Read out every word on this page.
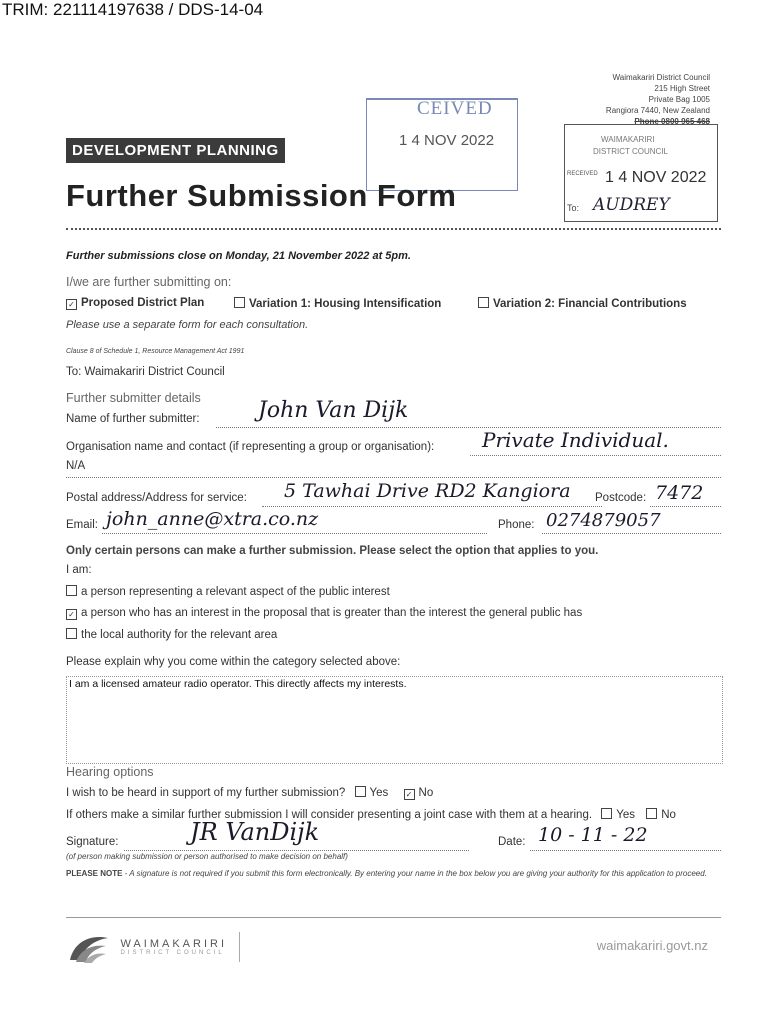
TRIM: 221114197638 / DDS-14-04
Waimakariri District Council
215 High Street
Private Bag 1005
Rangiora 7440, New Zealand
Phone 0800 965 468
CEIVED
1 4 NOV 2022	WAIMAKARIRI
DISTRICT COUNCIL
RECEIVED 1 4 NOV 2022
To: AUDREY
DEVELOPMENT PLANNING
Further Submission Form
Further submissions close on Monday, 21 November 2022 at 5pm.
I/we are further submitting on:
✓ Proposed District Plan	Variation 1: Housing Intensification	Variation 2: Financial Contributions
Please use a separate form for each consultation.
Clause 8 of Schedule 1, Resource Management Act 1991
To: Waimakariri District Council
Further submitter details
Name of further submitter:	John Van Dijk
Organisation name and contact (if representing a group or organisation): Private Individual.
N/A
Postal address/Address for service: 5 Tawhai Drive RD2 Kangiora Postcode: 7472
Email: john_anne@xtra.co.nz	Phone: 0274879057
Only certain persons can make a further submission. Please select the option that applies to you.
I am:
a person representing a relevant aspect of the public interest
✓ a person who has an interest in the proposal that is greater than the interest the general public has
the local authority for the relevant area
Please explain why you come within the category selected above:
I am a licensed amateur radio operator. This directly affects my interests.
Hearing options
I wish to be heard in support of my further submission? Yes ✓ No
If others make a similar further submission I will consider presenting a joint case with them at a hearing. Yes No
Signature:	JR VanDijk	Date: 10 - 11 - 22
(of person making submission or person authorised to make decision on behalf)
PLEASE NOTE - A signature is not required if you submit this form electronically. By entering your name in the box below you are giving your authority for this application to proceed.

WAIMAKARIRI
DISTRICT COUNCIL
	waimakariri.govt.nz
